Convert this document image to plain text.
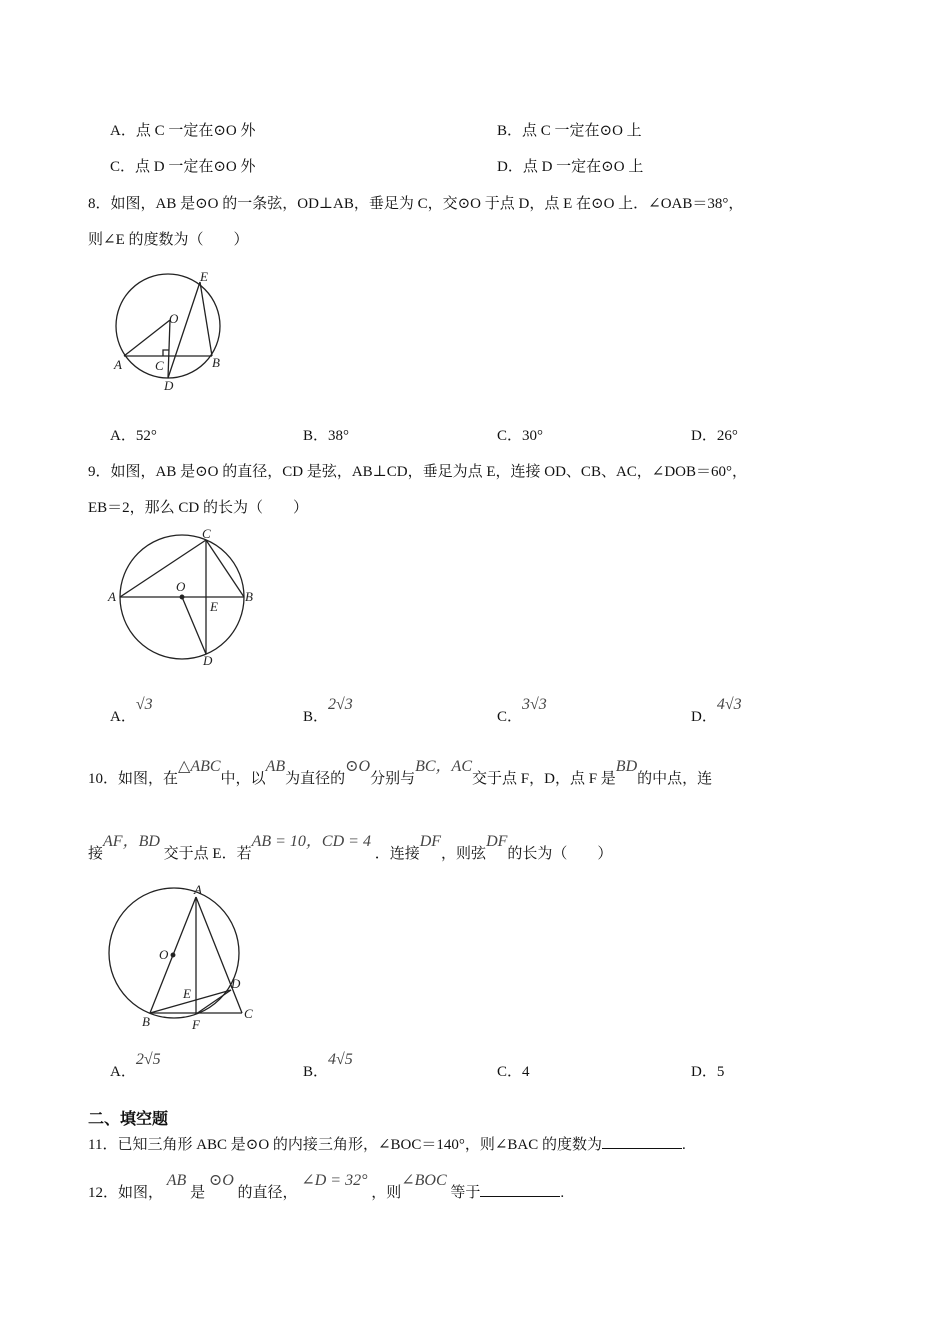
A．点 C 一定在⊙O 外	B．点 C 一定在⊙O 上
C．点 D 一定在⊙O 外	D．点 D 一定在⊙O 上
8．如图，AB 是⊙O 的一条弦，OD⊥AB，垂足为 C，交⊙O 于点 D，点 E 在⊙O 上．∠OAB＝38°，
则∠E 的度数为（　　）
E
O
A	C
D
B
C
O
A
E
B
D
A
O
E
D
B	F
C
A．52°	B．38°	C．30°	D．26°
9．如图，AB 是⊙O 的直径，CD 是弦，AB⊥CD，垂足为点 E，连接 OD、CB、AC，∠DOB＝60°，
EB＝2，那么 CD 的长为（　　）
A．√3
B．2√3
C．3√3
D．4√3
10．如图，在△ABC中，以AB为直径的⊙O分别与BC，AC交于点 F，D，点 F 是BD的中点，连
接AF，BD 交于点 E．若AB = 10，CD = 4 ．连接DF，则弦DF的长为（　　）
A．2√5
B．4√5
C．4	D．5
二、填空题
11．已知三角形 ABC 是⊙O 的内接三角形，∠BOC＝140°，则∠BAC 的度数为	.
12．如图， AB 是 ⊙O 的直径， ∠D = 32° ，则∠BOC 等于	.
